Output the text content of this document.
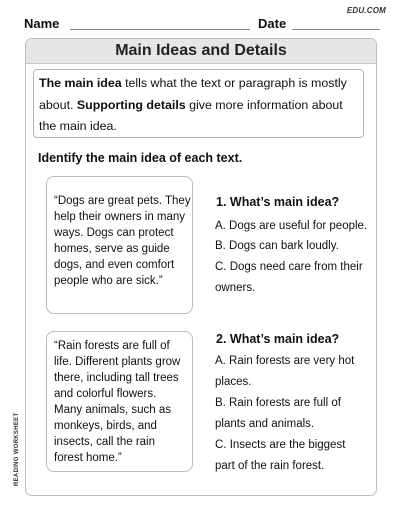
EDU.COM
Name	Date
Main Ideas and Details
The main idea tells what the text or paragraph is mostly
about. Supporting details give more information about
the main idea.
Identify the main idea of each text.
“Dogs are great pets. They
help their owners in many
ways. Dogs can protect
homes, serve as guide
dogs, and even comfort
people who are sick.”
“Rain forests are full of
life. Different plants grow
there, including tall trees
and colorful flowers.
Many animals, such as
monkeys, birds, and
insects, call the rain
forest home.”
1. What’s main idea?
A. Dogs are useful for people.
B. Dogs can bark loudly.
C. Dogs need care from their
owners.
2. What’s main idea?
A. Rain forests are very hot
places.
B. Rain forests are full of
plants and animals.
C. Insects are the biggest
part of the rain forest.
READING WORKSHEET
